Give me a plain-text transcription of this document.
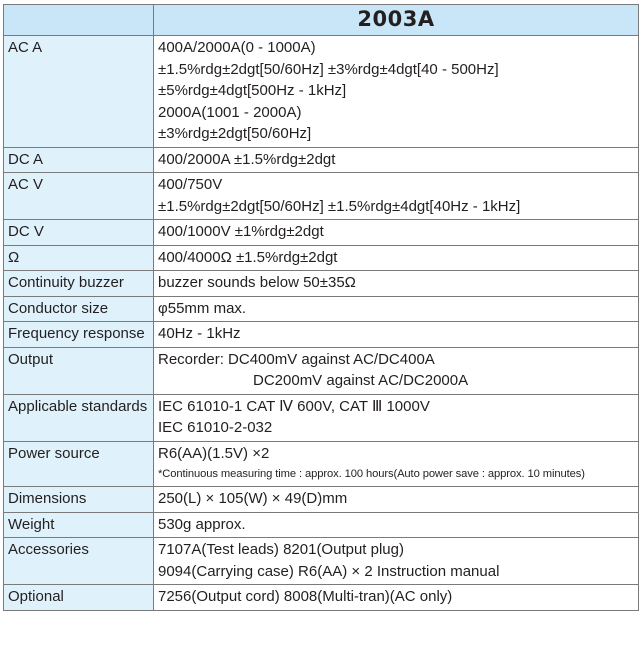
	2003A
AC A	400A/2000A(0 - 1000A)
±1.5%rdg±2dgt[50/60Hz] ±3%rdg±4dgt[40 - 500Hz]
±5%rdg±4dgt[500Hz - 1kHz]
2000A(1001 - 2000A)
±3%rdg±2dgt[50/60Hz]

DC A	400/2000A ±1.5%rdg±2dgt

AC V	400/750V
±1.5%rdg±2dgt[50/60Hz] ±1.5%rdg±4dgt[40Hz - 1kHz]

DC V	400/1000V ±1%rdg±2dgt

Ω	400/4000Ω ±1.5%rdg±2dgt

Continuity buzzer	buzzer sounds below 50±35Ω

Conductor size	φ55mm max.

Frequency response	40Hz - 1kHz

Output	Recorder: DC400mV against AC/DC400A
DC200mV against AC/DC2000A

Applicable standards	IEC 61010-1 CAT Ⅳ 600V, CAT Ⅲ 1000V
IEC 61010-2-032

Power source	R6(AA)(1.5V) ×2
*Continuous measuring time : approx. 100 hours(Auto power save : approx. 10 minutes)

Dimensions	250(L) × 105(W) × 49(D)mm

Weight	530g approx.

Accessories	7107A(Test leads) 8201(Output plug)
9094(Carrying case) R6(AA) × 2 Instruction manual

Optional	7256(Output cord) 8008(Multi-tran)(AC only)
